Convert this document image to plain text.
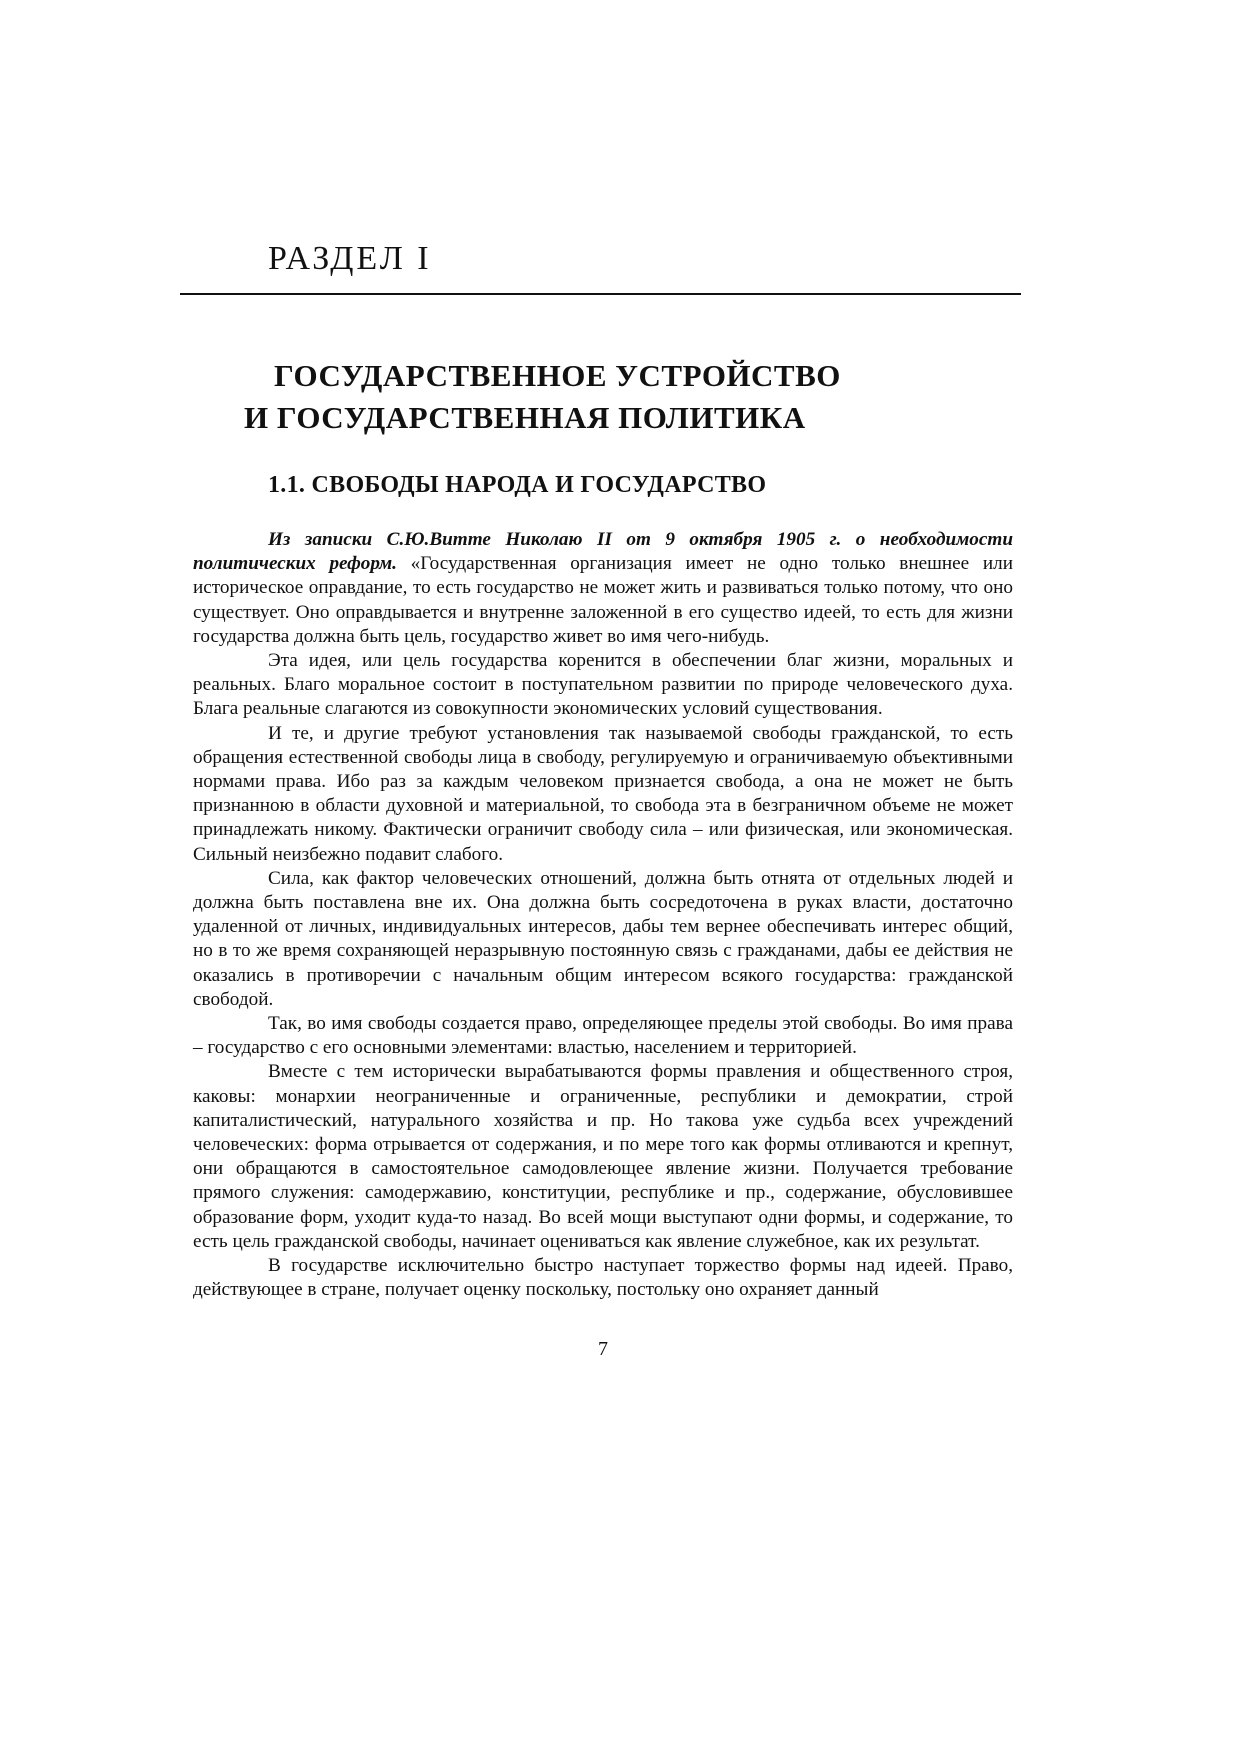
РАЗДЕЛ I
ГОСУДАРСТВЕННОЕ УСТРОЙСТВО
И ГОСУДАРСТВЕННАЯ ПОЛИТИКА
1.1. СВОБОДЫ НАРОДА И ГОСУДАРСТВО

Из записки С.Ю.Витте Николаю II от 9 октября 1905 г. о необходимости политических реформ. «Государственная организация имеет не одно только внешнее или историческое оправдание, то есть государство не может жить и развиваться только потому, что оно существует. Оно оправдывается и внутренне заложенной в его существо идеей, то есть для жизни государства должна быть цель, государство живет во имя чего-нибудь.

Эта идея, или цель государства коренится в обеспечении благ жизни, моральных и реальных. Благо моральное состоит в поступательном развитии по природе человеческого духа. Блага реальные слагаются из совокупности экономических условий существования.

И те, и другие требуют установления так называемой свободы гражданской, то есть обращения естественной свободы лица в свободу, регулируемую и ограничиваемую объективными нормами права. Ибо раз за каждым человеком признается свобода, а она не может не быть признанною в области духовной и материальной, то свобода эта в безграничном объеме не может принадлежать никому. Фактически ограничит свободу сила – или физическая, или экономическая. Сильный неизбежно подавит слабого.

Сила, как фактор человеческих отношений, должна быть отнята от отдельных людей и должна быть поставлена вне их. Она должна быть сосредоточена в руках власти, достаточно удаленной от личных, индивидуальных интересов, дабы тем вернее обеспечивать интерес общий, но в то же время сохраняющей неразрывную постоянную связь с гражданами, дабы ее действия не оказались в противоречии с начальным общим интересом всякого государства: гражданской свободой.

Так, во имя свободы создается право, определяющее пределы этой свободы. Во имя права – государство с его основными элементами: властью, населением и территорией.

Вместе с тем исторически вырабатываются формы правления и общественного строя, каковы: монархии неограниченные и ограниченные, республики и демократии, строй капиталистический, натурального хозяйства и пр. Но такова уже судьба всех учреждений человеческих: форма отрывается от содержания, и по мере того как формы отливаются и крепнут, они обращаются в самостоятельное самодовлеющее явление жизни. Получается требование прямого служения: самодержавию, конституции, республике и пр., содержание, обусловившее образование форм, уходит куда-то назад. Во всей мощи выступают одни формы, и содержание, то есть цель гражданской свободы, начинает оцениваться как явление служебное, как их результат.

В государстве исключительно быстро наступает торжество формы над идеей. Право, действующее в стране, получает оценку поскольку, постольку оно охраняет данный

7
